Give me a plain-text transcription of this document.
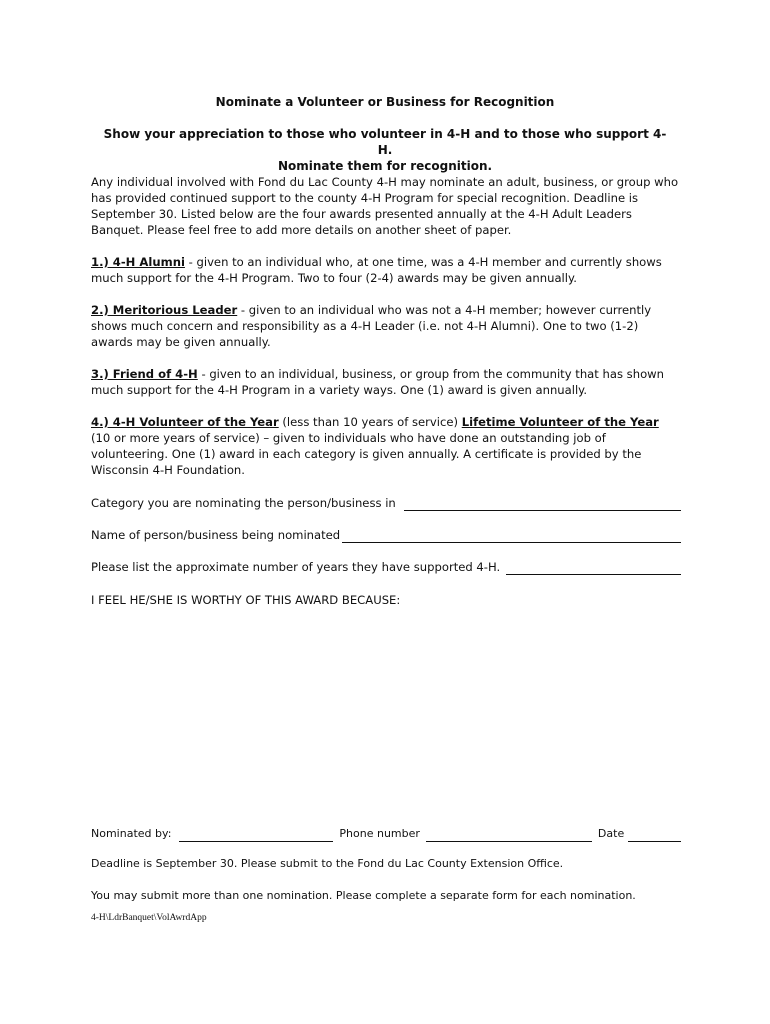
Nominate a Volunteer or Business for Recognition
Show your appreciation to those who volunteer in 4-H and to those who support 4-H.
Nominate them for recognition.
Any individual involved with Fond du Lac County 4-H may nominate an adult, business, or group who has provided continued support to the county 4-H Program for special recognition. Deadline is September 30. Listed below are the four awards presented annually at the 4-H Adult Leaders Banquet. Please feel free to add more details on another sheet of paper.
1.) 4-H Alumni - given to an individual who, at one time, was a 4-H member and currently shows much support for the 4-H Program. Two to four (2-4) awards may be given annually.
2.) Meritorious Leader - given to an individual who was not a 4-H member; however currently shows much concern and responsibility as a 4-H Leader (i.e. not 4-H Alumni). One to two (1-2) awards may be given annually.
3.) Friend of 4-H - given to an individual, business, or group from the community that has shown much support for the 4-H Program in a variety ways. One (1) award is given annually.
4.) 4-H Volunteer of the Year (less than 10 years of service) Lifetime Volunteer of the Year (10 or more years of service) – given to individuals who have done an outstanding job of volunteering. One (1) award in each category is given annually. A certificate is provided by the Wisconsin 4-H Foundation.
Category you are nominating the person/business in
Name of person/business being nominated
Please list the approximate number of years they have supported 4-H.
I FEEL HE/SHE IS WORTHY OF THIS AWARD BECAUSE:
Nominated by:	Phone number	Date
Deadline is September 30. Please submit to the Fond du Lac County Extension Office.
You may submit more than one nomination. Please complete a separate form for each nomination.
4-H\LdrBanquet\VolAwrdApp
